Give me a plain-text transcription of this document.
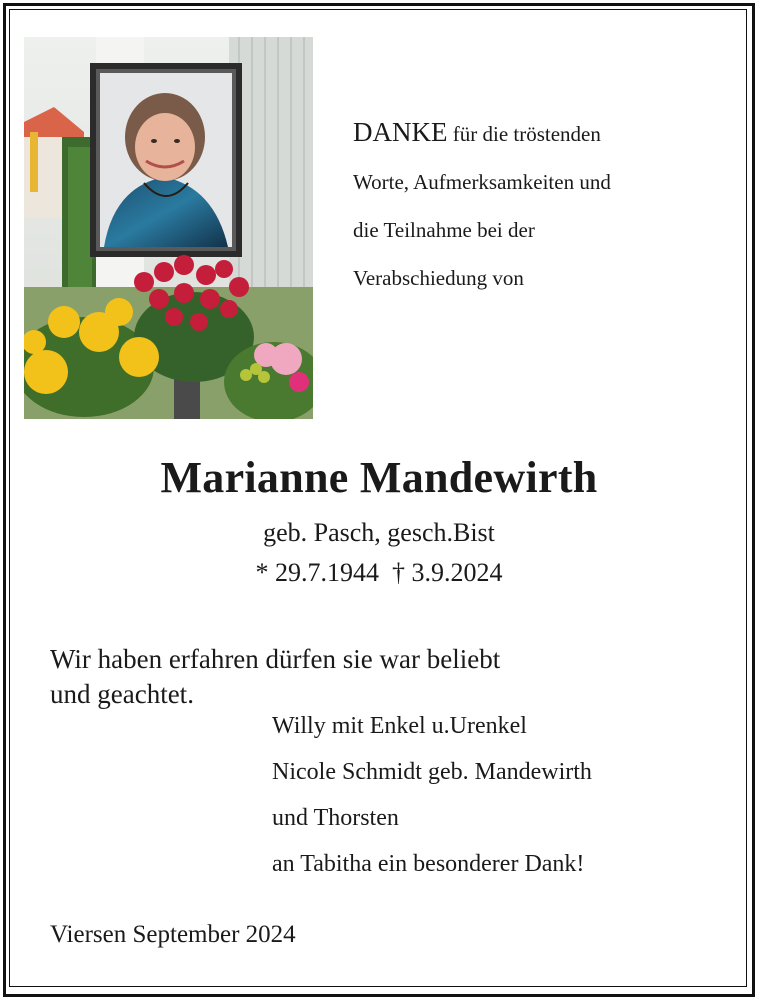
DANKE für die tröstenden
Worte, Aufmerksamkeiten und
die Teilnahme bei der
Verabschiedung von
Marianne Mandewirth
geb. Pasch, gesch.Bist
* 29.7.1944  † 3.9.2024
Wir haben erfahren dürfen sie war beliebt
und geachtet.
Willy mit Enkel u.Urenkel
Nicole Schmidt geb. Mandewirth
und Thorsten
an Tabitha ein besonderer Dank!
Viersen September 2024
